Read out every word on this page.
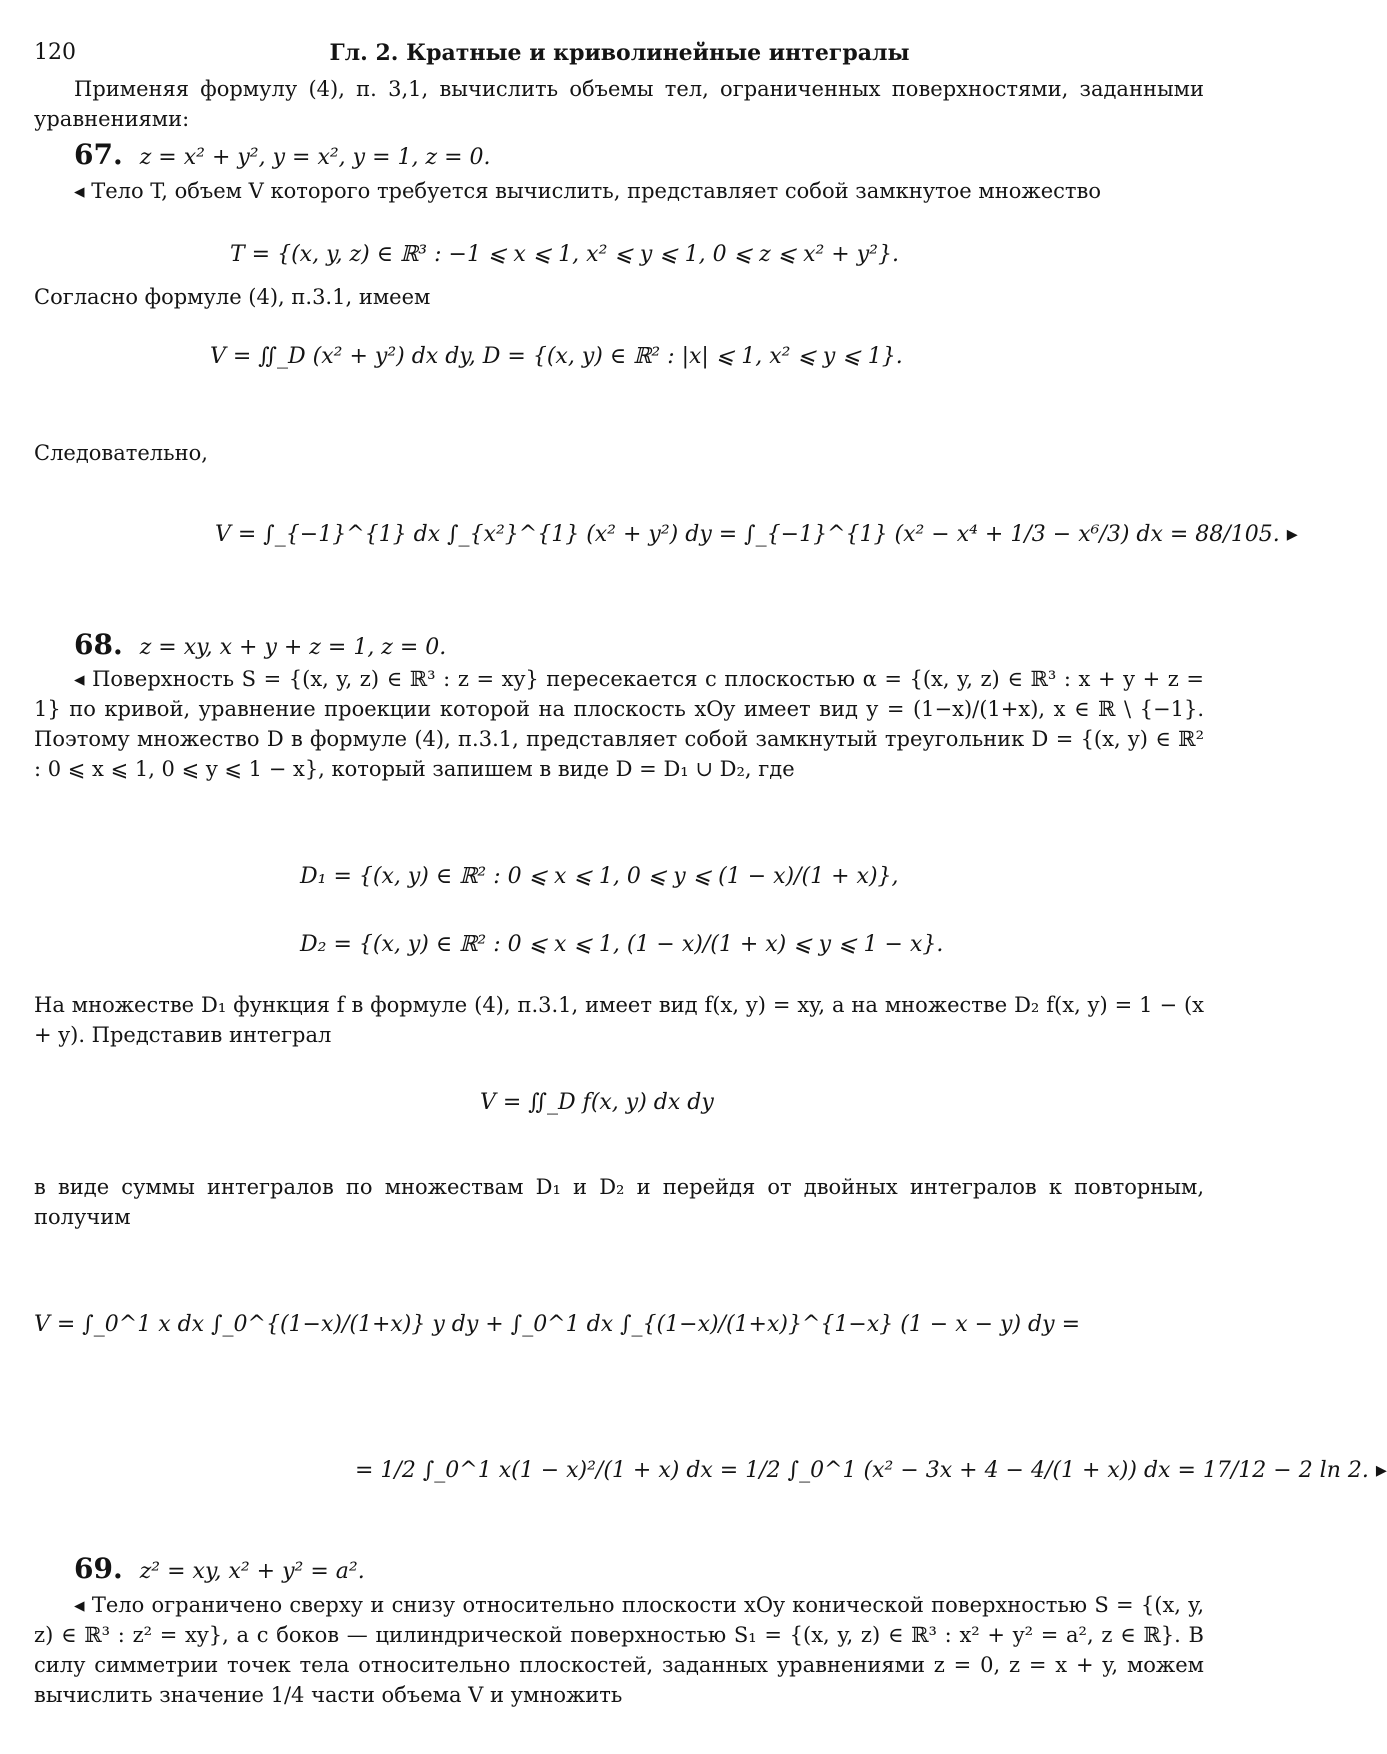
120	Гл. 2. Кратные и криволинейные интегралы
Применяя формулу (4), п. 3,1, вычислить объемы тел, ограниченных поверхностями, заданными уравнениями:
67. z = x² + y², y = x², y = 1, z = 0.
◂ Тело T, объем V которого требуется вычислить, представляет собой замкнутое множество
T = {(x, y, z) ∈ ℝ³ : −1 ⩽ x ⩽ 1, x² ⩽ y ⩽ 1, 0 ⩽ z ⩽ x² + y²}.
Согласно формуле (4), п.3.1, имеем
V = ∬_D (x² + y²) dx dy, D = {(x, y) ∈ ℝ² : |x| ⩽ 1, x² ⩽ y ⩽ 1}.
Следовательно,
V = ∫_{−1}^{1} dx ∫_{x²}^{1} (x² + y²) dy = ∫_{−1}^{1} (x² − x⁴ + 1/3 − x⁶/3) dx = 88/105. ▸
68. z = xy, x + y + z = 1, z = 0.
◂ Поверхность S = {(x, y, z) ∈ ℝ³ : z = xy} пересекается с плоскостью α = {(x, y, z) ∈ ℝ³ : x + y + z = 1} по кривой, уравнение проекции которой на плоскость xOy имеет вид y = (1−x)/(1+x), x ∈ ℝ \ {−1}. Поэтому множество D в формуле (4), п.3.1, представляет собой замкнутый треугольник D = {(x, y) ∈ ℝ² : 0 ⩽ x ⩽ 1, 0 ⩽ y ⩽ 1 − x}, который запишем в виде D = D₁ ∪ D₂, где
D₁ = {(x, y) ∈ ℝ² : 0 ⩽ x ⩽ 1, 0 ⩽ y ⩽ (1 − x)/(1 + x)},
D₂ = {(x, y) ∈ ℝ² : 0 ⩽ x ⩽ 1, (1 − x)/(1 + x) ⩽ y ⩽ 1 − x}.
На множестве D₁ функция f в формуле (4), п.3.1, имеет вид f(x, y) = xy, а на множестве D₂ f(x, y) = 1 − (x + y). Представив интеграл
V = ∬_D f(x, y) dx dy
в виде суммы интегралов по множествам D₁ и D₂ и перейдя от двойных интегралов к повторным, получим
V = ∫_0^1 x dx ∫_0^{(1−x)/(1+x)} y dy + ∫_0^1 dx ∫_{(1−x)/(1+x)}^{1−x} (1 − x − y) dy =
= 1/2 ∫_0^1 x(1 − x)²/(1 + x) dx = 1/2 ∫_0^1 (x² − 3x + 4 − 4/(1 + x)) dx = 17/12 − 2 ln 2. ▸
69. z² = xy, x² + y² = a².
◂ Тело ограничено сверху и снизу относительно плоскости xOy конической поверхностью S = {(x, y, z) ∈ ℝ³ : z² = xy}, а с боков — цилиндрической поверхностью S₁ = {(x, y, z) ∈ ℝ³ : x² + y² = a², z ∈ ℝ}. В силу симметрии точек тела относительно плоскостей, заданных уравнениями z = 0, z = x + y, можем вычислить значение 1/4 части объема V и умножить
